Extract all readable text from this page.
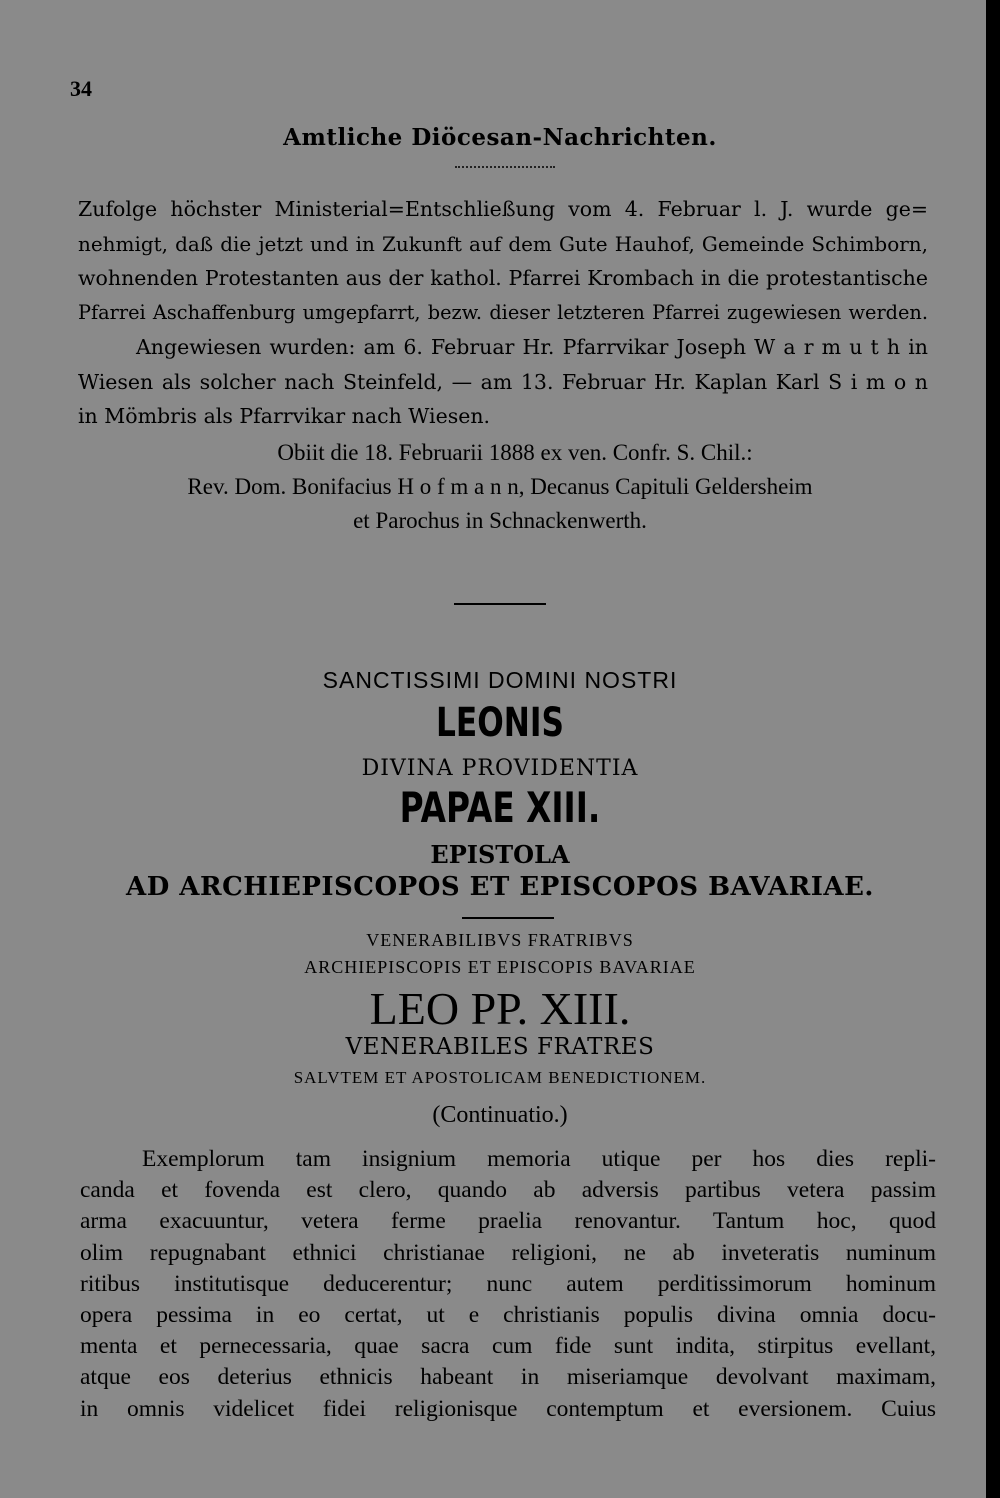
34
Amtliche Diöcesan-Nachrichten.
Zufolge höchster Ministerial=Entschließung vom 4. Februar l. J. wurde ge=
nehmigt, daß die jetzt und in Zukunft auf dem Gute Hauhof, Gemeinde Schimborn,
wohnenden Protestanten aus der kathol. Pfarrei Krombach in die protestantische
Pfarrei Aschaffenburg umgepfarrt, bezw. dieser letzteren Pfarrei zugewiesen werden.
Angewiesen wurden: am 6. Februar Hr. Pfarrvikar Joseph W a r m u t h in
Wiesen als solcher nach Steinfeld, — am 13. Februar Hr. Kaplan Karl S i m o n
in Mömbris als Pfarrvikar nach Wiesen.
Obiit die 18. Februarii 1888 ex ven. Confr. S. Chil.:
Rev. Dom. Bonifacius H o f m a n n, Decanus Capituli Geldersheim
et Parochus in Schnackenwerth.
SANCTISSIMI DOMINI NOSTRI
LEONIS
DIVINA PROVIDENTIA
PAPAE XIII.
EPISTOLA
AD ARCHIEPISCOPOS ET EPISCOPOS BAVARIAE.
VENERABILIBVS FRATRIBVS
ARCHIEPISCOPIS ET EPISCOPIS BAVARIAE
LEO PP. XIII.
VENERABILES FRATRES
SALVTEM ET APOSTOLICAM BENEDICTIONEM.
(Continuatio.)
Exemplorum tam insignium memoria utique per hos dies repli-
canda et fovenda est clero, quando ab adversis partibus vetera passim
arma exacuuntur, vetera ferme praelia renovantur. Tantum hoc, quod
olim repugnabant ethnici christianae religioni, ne ab inveteratis numinum
ritibus institutisque deducerentur; nunc autem perditissimorum hominum
opera pessima in eo certat, ut e christianis populis divina omnia docu-
menta et pernecessaria, quae sacra cum fide sunt indita, stirpitus evellant,
atque eos deterius ethnicis habeant in miseriamque devolvant maximam,
in omnis videlicet fidei religionisque contemptum et eversionem. Cuius
